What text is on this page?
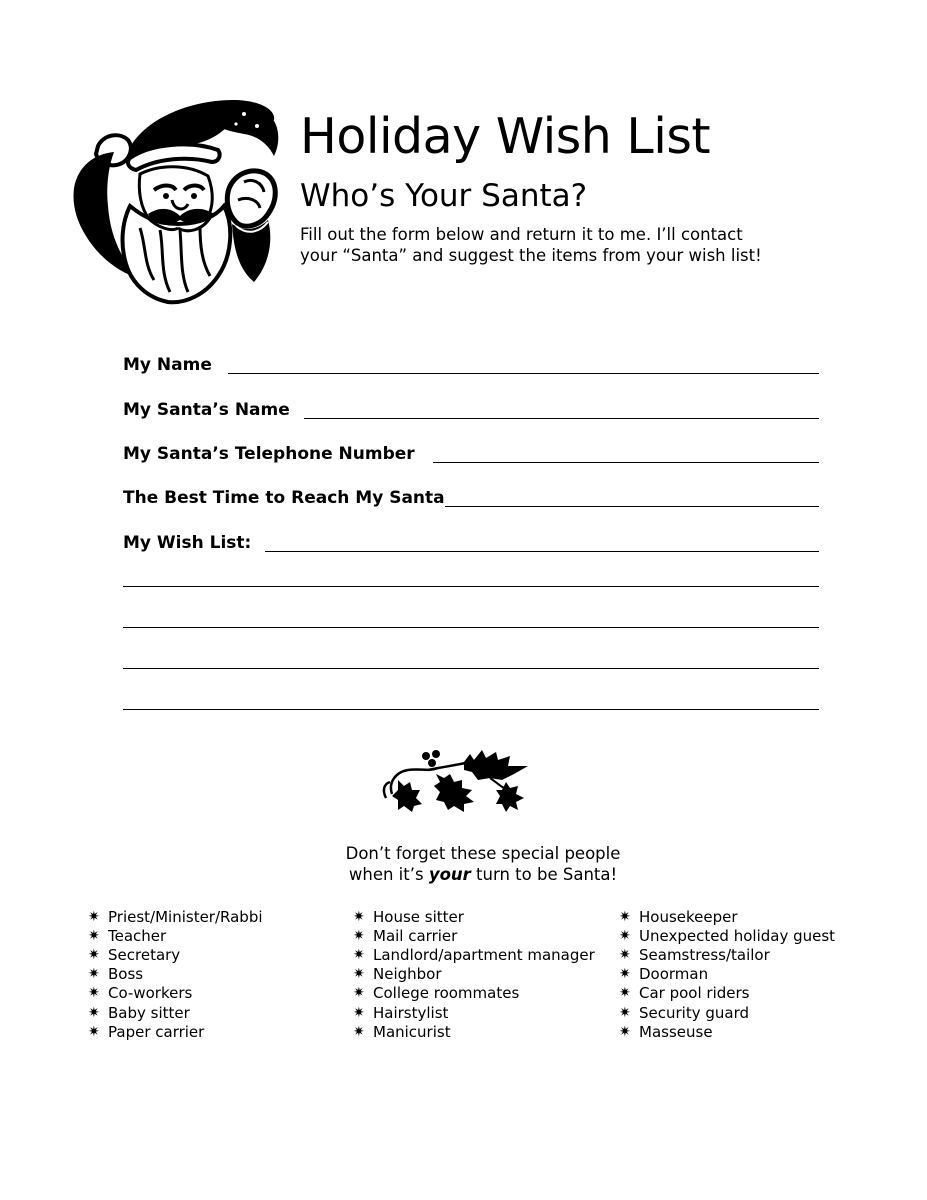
Holiday Wish List
Who’s Your Santa?
Fill out the form below and return it to me. I’ll contact
your “Santa” and suggest the items from your wish list!
My Name
My Santa’s Name
My Santa’s Telephone Number
The Best Time to Reach My Santa
My Wish List:
Don’t forget these special people
when it’s your turn to be Santa!
✷ Priest/Minister/Rabbi
✷ Teacher
✷ Secretary
✷ Boss
✷ Co-workers
✷ Baby sitter
✷ Paper carrier
✷ House sitter
✷ Mail carrier
✷ Landlord/apartment manager
✷ Neighbor
✷ College roommates
✷ Hairstylist
✷ Manicurist
✷ Housekeeper
✷ Unexpected holiday guest
✷ Seamstress/tailor
✷ Doorman
✷ Car pool riders
✷ Security guard
✷ Masseuse
